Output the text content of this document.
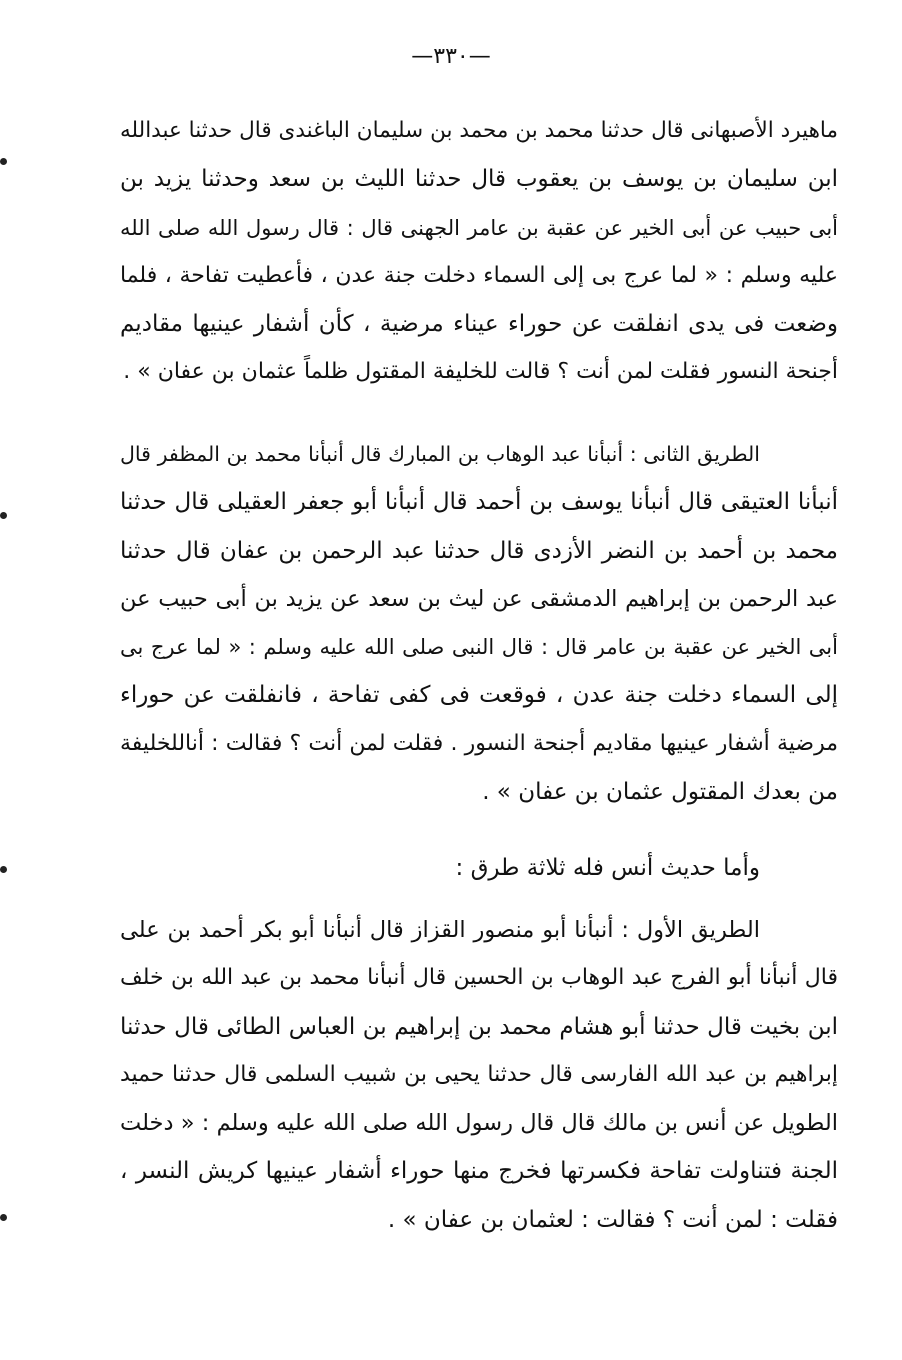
—٣٣٠—
ماهيرد الأصبهانى قال حدثنا محمد بن محمد بن سليمان الباغندى قال حدثنا عبدالله
ابن سليمان بن يوسف بن يعقوب قال حدثنا الليث بن سعد وحدثنا يزيد بن
أبى حبيب عن أبى الخير عن عقبة بن عامر الجهنى قال : قال رسول الله صلى الله
عليه وسلم : « لما عرج بى إلى السماء دخلت جنة عدن ، فأعطيت تفاحة ، فلما
وضعت فى يدى انفلقت عن حوراء عيناء مرضية ، كأن أشفار عينيها مقاديم
أجنحة النسور فقلت لمن أنت ؟ قالت للخليفة المقتول ظلماً عثمان بن عفان » .
الطريق الثانى : أنبأنا عبد الوهاب بن المبارك قال أنبأنا محمد بن المظفر قال
أنبأنا العتيقى قال أنبأنا يوسف بن أحمد قال أنبأنا أبو جعفر العقيلى قال حدثنا
محمد بن أحمد بن النضر الأزدى قال حدثنا عبد الرحمن بن عفان قال حدثنا
عبد الرحمن بن إبراهيم الدمشقى عن ليث بن سعد عن يزيد بن أبى حبيب عن
أبى الخير عن عقبة بن عامر قال : قال النبى صلى الله عليه وسلم : « لما عرج بى
إلى السماء دخلت جنة عدن ، فوقعت فى كفى تفاحة ، فانفلقت عن حوراء
مرضية أشفار عينيها مقاديم أجنحة النسور . فقلت لمن أنت ؟ فقالت : أناللخليفة
من بعدك المقتول عثمان بن عفان » .
وأما حديث أنس فله ثلاثة طرق :
الطريق الأول : أنبأنا أبو منصور القزاز قال أنبأنا أبو بكر أحمد بن على
قال أنبأنا أبو الفرج عبد الوهاب بن الحسين قال أنبأنا محمد بن عبد الله بن خلف
ابن بخيت قال حدثنا أبو هشام محمد بن إبراهيم بن العباس الطائى قال حدثنا
إبراهيم بن عبد الله الفارسى قال حدثنا يحيى بن شبيب السلمى قال حدثنا حميد
الطويل عن أنس بن مالك قال قال رسول الله صلى الله عليه وسلم : « دخلت
الجنة فتناولت تفاحة فكسرتها فخرج منها حوراء أشفار عينيها كريش النسر ،
فقلت : لمن أنت ؟ فقالت : لعثمان بن عفان » .
